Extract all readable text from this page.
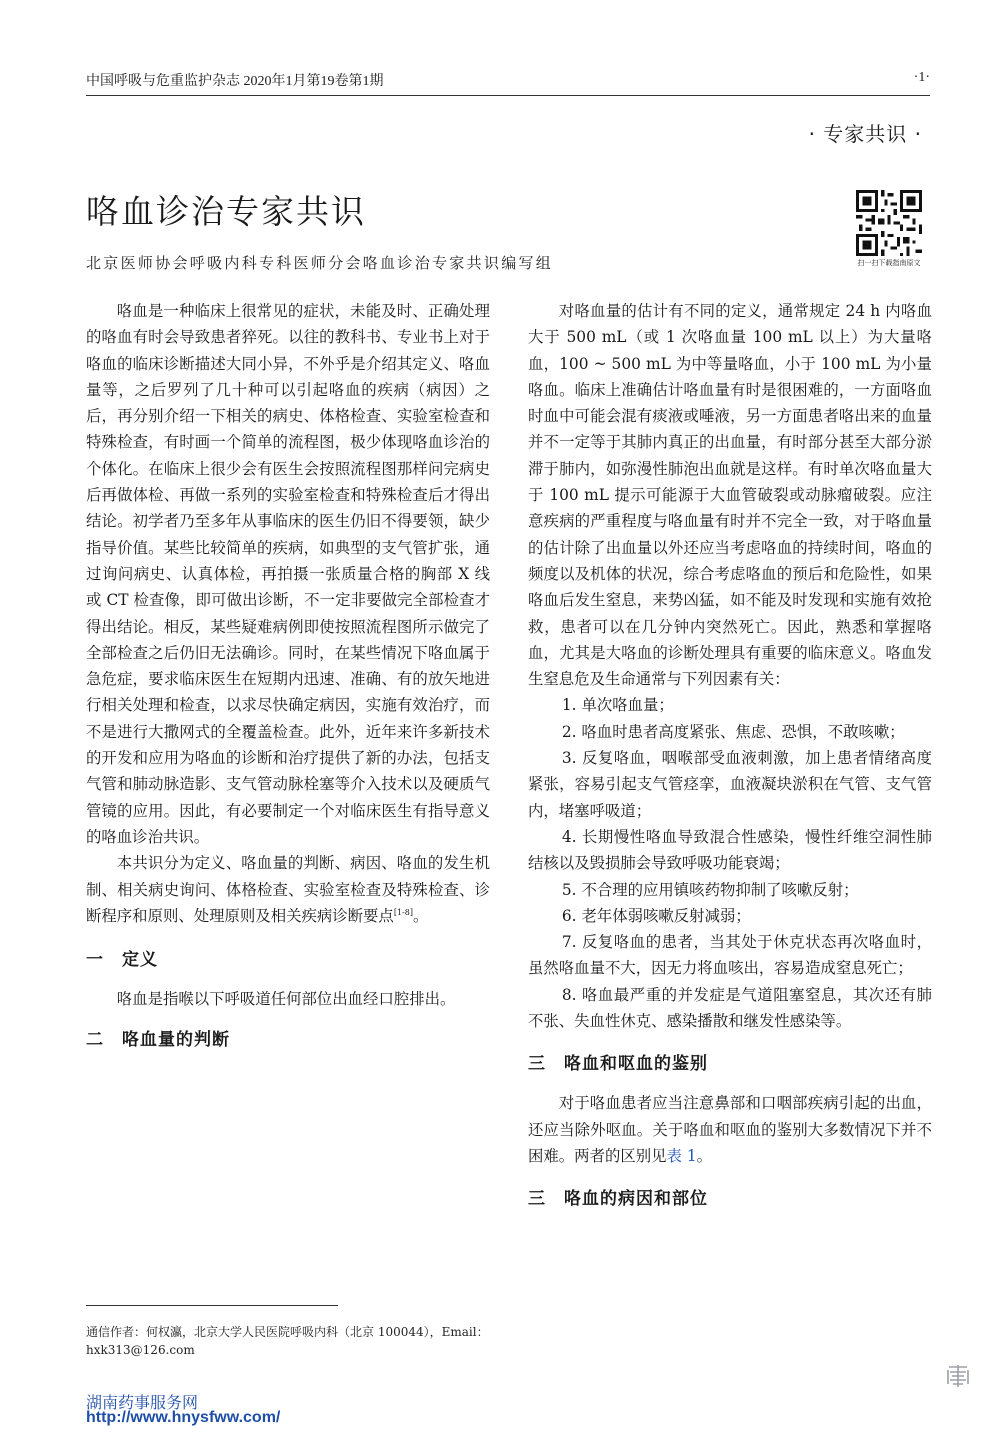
中国呼吸与危重监护杂志 2020年1月第19卷第1期	·1·
· 专家共识 ·
咯血诊治专家共识
北京医师协会呼吸内科专科医师分会咯血诊治专家共识编写组	扫一扫下载指南原文

咯血是一种临床上很常见的症状，未能及时、正确处理的咯血有时会导致患者猝死。以往的教科书、专业书上对于咯血的临床诊断描述大同小异，不外乎是介绍其定义、咯血量等，之后罗列了几十种可以引起咯血的疾病（病因）之后，再分别介绍一下相关的病史、体格检查、实验室检查和特殊检查，有时画一个简单的流程图，极少体现咯血诊治的个体化。在临床上很少会有医生会按照流程图那样问完病史后再做体检、再做一系列的实验室检查和特殊检查后才得出结论。初学者乃至多年从事临床的医生仍旧不得要领，缺少指导价值。某些比较简单的疾病，如典型的支气管扩张，通过询问病史、认真体检，再拍摄一张质量合格的胸部 X 线或 CT 检查像，即可做出诊断，不一定非要做完全部检查才得出结论。相反，某些疑难病例即使按照流程图所示做完了全部检查之后仍旧无法确诊。同时，在某些情况下咯血属于急危症，要求临床医生在短期内迅速、准确、有的放矢地进行相关处理和检查，以求尽快确定病因，实施有效治疗，而不是进行大撒网式的全覆盖检查。此外，近年来许多新技术的开发和应用为咯血的诊断和治疗提供了新的办法，包括支气管和肺动脉造影、支气管动脉栓塞等介入技术以及硬质气管镜的应用。因此，有必要制定一个对临床医生有指导意义的咯血诊治共识。

本共识分为定义、咯血量的判断、病因、咯血的发生机制、相关病史询问、体格检查、实验室检查及特殊检查、诊断程序和原则、处理原则及相关疾病诊断要点[1-8]。

一　定义

咯血是指喉以下呼吸道任何部位出血经口腔排出。

二　咯血量的判断

对咯血量的估计有不同的定义，通常规定 24 h 内咯血大于 500 mL（或 1 次咯血量 100 mL 以上）为大量咯血，100 ~ 500 mL 为中等量咯血，小于 100 mL 为小量咯血。临床上准确估计咯血量有时是很困难的，一方面咯血时血中可能会混有痰液或唾液，另一方面患者咯出来的血量并不一定等于其肺内真正的出血量，有时部分甚至大部分淤滞于肺内，如弥漫性肺泡出血就是这样。有时单次咯血量大于 100 mL 提示可能源于大血管破裂或动脉瘤破裂。应注意疾病的严重程度与咯血量有时并不完全一致，对于咯血量的估计除了出血量以外还应当考虑咯血的持续时间，咯血的频度以及机体的状况，综合考虑咯血的预后和危险性，如果咯血后发生窒息，来势凶猛，如不能及时发现和实施有效抢救，患者可以在几分钟内突然死亡。因此，熟悉和掌握咯血，尤其是大咯血的诊断处理具有重要的临床意义。咯血发生窒息危及生命通常与下列因素有关：

1. 单次咯血量；

2. 咯血时患者高度紧张、焦虑、恐惧，不敢咳嗽；

3. 反复咯血，咽喉部受血液刺激，加上患者情绪高度紧张，容易引起支气管痉挛，血液凝块淤积在气管、支气管内，堵塞呼吸道；

4. 长期慢性咯血导致混合性感染，慢性纤维空洞性肺结核以及毁损肺会导致呼吸功能衰竭；

5. 不合理的应用镇咳药物抑制了咳嗽反射；

6. 老年体弱咳嗽反射减弱；

7. 反复咯血的患者，当其处于休克状态再次咯血时，虽然咯血量不大，因无力将血咳出，容易造成窒息死亡；

8. 咯血最严重的并发症是气道阻塞窒息，其次还有肺不张、失血性休克、感染播散和继发性感染等。

三　咯血和呕血的鉴别

对于咯血患者应当注意鼻部和口咽部疾病引起的出血，还应当除外呕血。关于咯血和呕血的鉴别大多数情况下并不困难。两者的区别见表 1。

三　咯血的病因和部位
通信作者：何权瀛，北京大学人民医院呼吸内科（北京 100044），Email：hxk313@126.com
湖南药事服务网
http://www.hnysfww.com/
